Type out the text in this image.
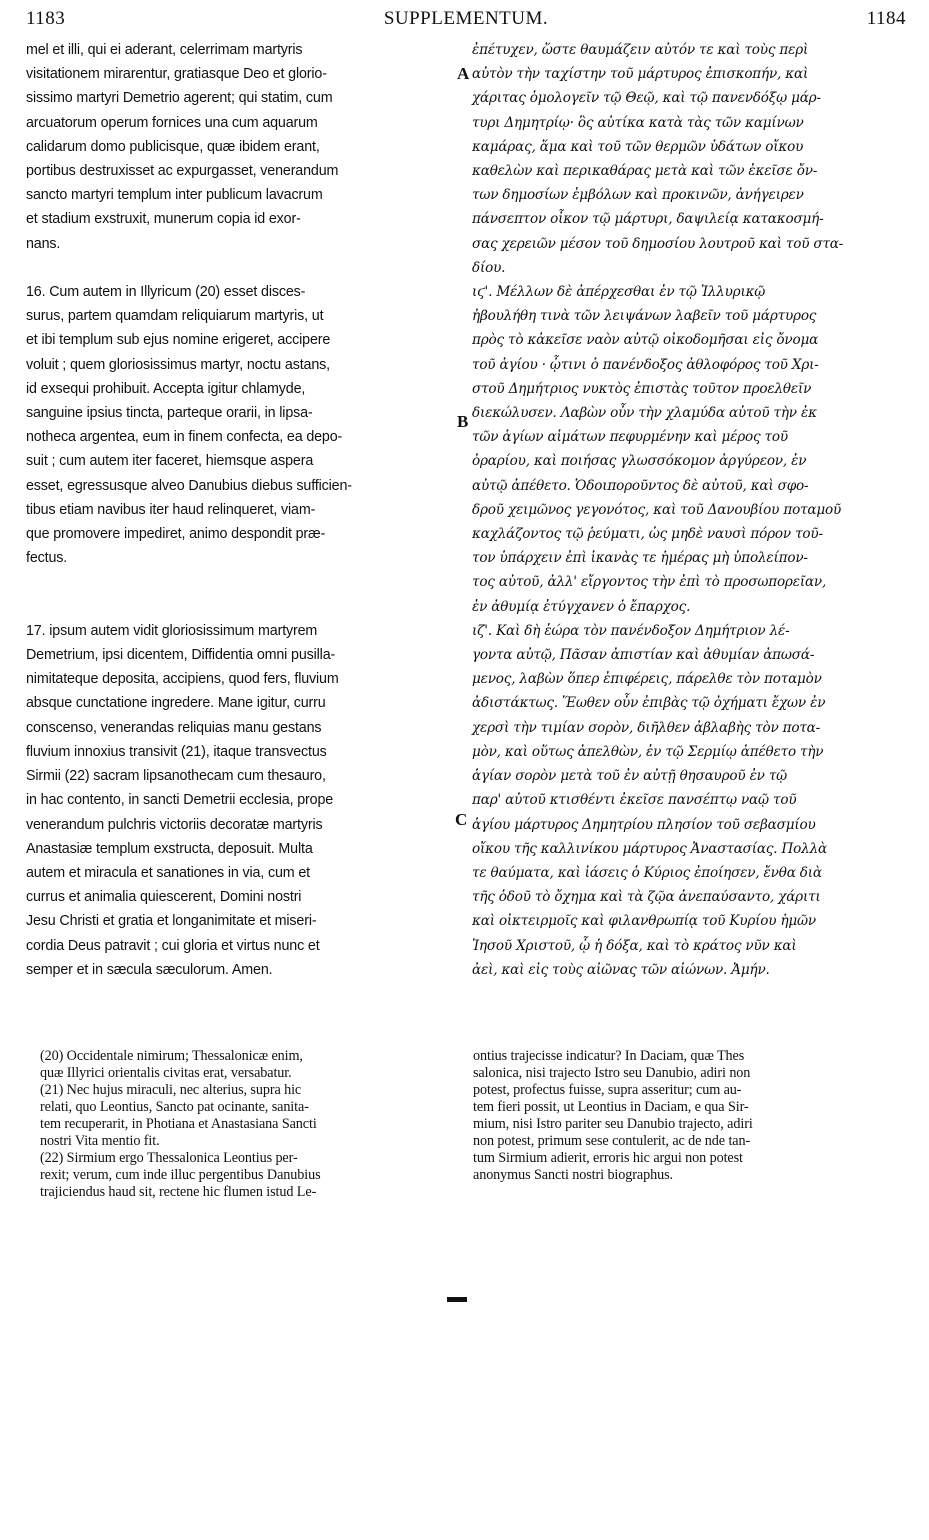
1183	SUPPLEMENTUM.	1184

mel et illi, qui ei aderant, celerrimam martyris

visitationem mirarentur, gratiasque Deo et glorio-

sissimo martyri Demetrio agerent; qui statim, cum

arcuatorum operum fornices una cum aquarum

calidarum domo publicisque, quæ ibidem erant,

portibus destruxisset ac expurgasset, venerandum

sancto martyri templum inter publicum lavacrum

et stadium exstruxit, munerum copia id exor-

nans.

16. Cum autem in Illyricum (20) esset disces-

surus, partem quamdam reliquiarum martyris, ut

et ibi templum sub ejus nomine erigeret, accipere

voluit ; quem gloriosissimus martyr, noctu astans,

id exsequi prohibuit. Accepta igitur chlamyde,

sanguine ipsius tincta, parteque orarii, in lipsa-

notheca argentea, eum in finem confecta, ea depo-

suit ; cum autem iter faceret, hiemsque aspera

esset, egressusque alveo Danubius diebus sufficien-

tibus etiam navibus iter haud relinqueret, viam-

que promovere impediret, animo despondit præ-

fectus.

17. ipsum autem vidit gloriosissimum martyrem

Demetrium, ipsi dicentem, Diffidentia omni pusilla-

nimitateque deposita, accipiens, quod fers, fluvium

absque cunctatione ingredere. Mane igitur, curru

conscenso, venerandas reliquias manu gestans

fluvium innoxius transivit (21), itaque transvectus

Sirmii (22) sacram lipsanothecam cum thesauro,

in hac contento, in sancti Demetrii ecclesia, prope

venerandum pulchris victoriis decoratæ martyris

Anastasiæ templum exstructa, deposuit. Multa

autem et miracula et sanationes in via, cum et

currus et animalia quiescerent, Domini nostri

Jesu Christi et gratia et longanimitate et miseri-

cordia Deus patravit ; cui gloria et virtus nunc et

semper et in sæcula sæculorum. Amen.

ἐπέτυχεν, ὥστε θαυμάζειν αὐτόν τε καὶ τοὺς περὶ

αὐτὸν τὴν ταχίστην τοῦ μάρτυρος ἐπισκοπήν, καὶ

χάριτας ὁμολογεῖν τῷ Θεῷ, καὶ τῷ πανενδόξῳ μάρ-

τυρι Δημητρίῳ· ὃς αὐτίκα κατὰ τὰς τῶν καμίνων

καμάρας, ἅμα καὶ τοῦ τῶν θερμῶν ὑδάτων οἴκου

καθελὼν καὶ περικαθάρας μετὰ καὶ τῶν ἐκεῖσε ὄν-

των δημοσίων ἐμβόλων καὶ προκινῶν, ἀνήγειρεν

πάνσεπτον οἶκον τῷ μάρτυρι, δαψιλείᾳ κατακοσμή-

σας χερειῶν μέσον τοῦ δημοσίου λουτροῦ καὶ τοῦ στα-

δίου.

ιϛ'. Μέλλων δὲ ἀπέρχεσθαι ἐν τῷ Ἰλλυρικῷ

ἠβουλήθη τινὰ τῶν λειψάνων λαβεῖν τοῦ μάρτυρος

πρὸς τὸ κἀκεῖσε ναὸν αὐτῷ οἰκοδομῆσαι εἰς ὄνομα

τοῦ ἁγίου · ᾧτινι ὁ πανένδοξος ἀθλοφόρος τοῦ Χρι-

στοῦ Δημήτριος νυκτὸς ἐπιστὰς τοῦτον προελθεῖν

διεκώλυσεν. Λαβὼν οὖν τὴν χλαμύδα αὐτοῦ τὴν ἐκ

τῶν ἁγίων αἱμάτων πεφυρμένην καὶ μέρος τοῦ

ὀραρίου, καὶ ποιήσας γλωσσόκομον ἀργύρεον, ἐν

αὐτῷ ἀπέθετο. Ὁδοιποροῦντος δὲ αὐτοῦ, καὶ σφο-

δροῦ χειμῶνος γεγονότος, καὶ τοῦ Δανουβίου ποταμοῦ

καχλάζοντος τῷ ῥεύματι, ὡς μηδὲ ναυσὶ πόρον τοῦ-

τον ὑπάρχειν ἐπὶ ἱκανὰς τε ἡμέρας μὴ ὑπολείπον-

τος αὐτοῦ, ἀλλ' εἴργοντος τὴν ἐπὶ τὸ προσωπορεῖαν,

ἐν ἀθυμίᾳ ἐτύγχανεν ὁ ἔπαρχος.

ιζ'. Καὶ δὴ ἑώρα τὸν πανένδοξον Δημήτριον λέ-

γοντα αὐτῷ, Πᾶσαν ἀπιστίαν καὶ ἀθυμίαν ἀπωσά-

μενος, λαβὼν ὅπερ ἐπιφέρεις, πάρελθε τὸν ποταμὸν

ἀδιστάκτως. Ἕωθεν οὖν ἐπιβὰς τῷ ὀχήματι ἔχων ἐν

χερσὶ τὴν τιμίαν σορὸν, διῆλθεν ἀβλαβὴς τὸν ποτα-

μὸν, καὶ οὕτως ἀπελθὼν, ἐν τῷ Σερμίῳ ἀπέθετο τὴν

ἁγίαν σορὸν μετὰ τοῦ ἐν αὐτῇ θησαυροῦ ἐν τῷ

παρ' αὐτοῦ κτισθέντι ἐκεῖσε πανσέπτῳ ναῷ τοῦ

ἁγίου μάρτυρος Δημητρίου πλησίον τοῦ σεβασμίου

οἴκου τῆς καλλινίκου μάρτυρος Ἀναστασίας. Πολλὰ

τε θαύματα, καὶ ἰάσεις ὁ Κύριος ἐποίησεν, ἔνθα διὰ

τῆς ὁδοῦ τὸ ὄχημα καὶ τὰ ζῷα ἀνεπαύσαντο, χάριτι

καὶ οἰκτειρμοῖς καὶ φιλανθρωπίᾳ τοῦ Κυρίου ἡμῶν

Ἰησοῦ Χριστοῦ, ᾧ ἡ δόξα, καὶ τὸ κράτος νῦν καὶ

ἀεὶ, καὶ εἰς τοὺς αἰῶνας τῶν αἰώνων. Ἀμήν.

A
B
C

(20) Occidentale nimirum; Thessalonicæ enim,

quæ Illyrici orientalis civitas erat, versabatur.

(21) Nec hujus miraculi, nec alterius, supra hic

relati, quo Leontius, Sancto pat ocinante, sanita-

tem recuperarit, in Photiana et Anastasiana Sancti

nostri Vita mentio fit.

(22) Sirmium ergo Thessalonica Leontius per-

rexit; verum, cum inde illuc pergentibus Danubius

trajiciendus haud sit, rectene hic flumen istud Le-

ontius trajecisse indicatur? In Daciam, quæ Thes

salonica, nisi trajecto Istro seu Danubio, adiri non

potest, profectus fuisse, supra asseritur; cum au-

tem fieri possit, ut Leontius in Daciam, e qua Sir-

mium, nisi Istro pariter seu Danubio trajecto, adiri

non potest, primum sese contulerit, ac de nde tan-

tum Sirmium adierit, erroris hic argui non potest

anonymus Sancti nostri biographus.
